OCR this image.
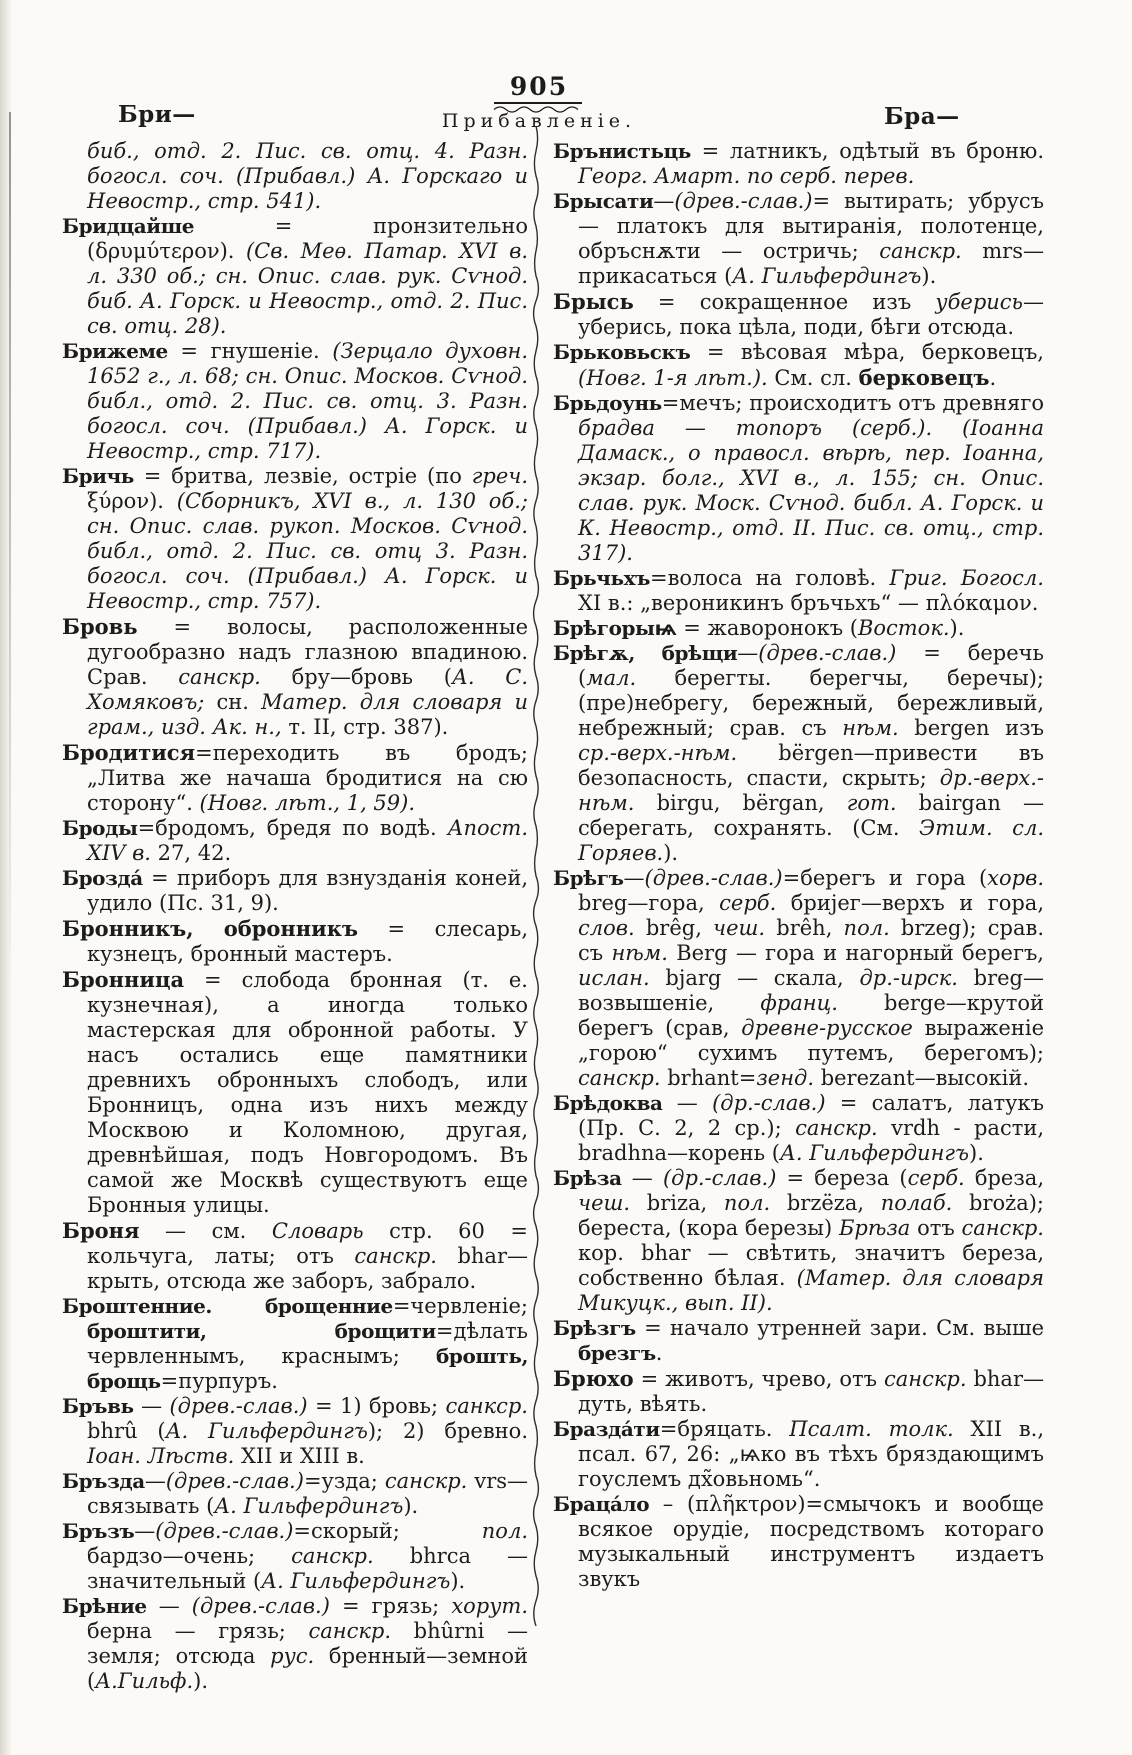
905
Прибавленіе.
Бри—	Бра—

биб., отд. 2. Пис. св. отц. 4. Разн. богосл. соч. (Прибавл.) А. Горскаго и Невостр., стр. 541).

Бридцайше = пронзительно (δρυμύτερον). (Св. Меѳ. Патар. XVI в. л. 330 об.; сн. Опис. слав. рук. Сѵнод. биб. А. Горск. и Невостр., отд. 2. Пис. св. отц. 28).

Брижеме = гнушеніе. (Зерцало духовн. 1652 г., л. 68; сн. Опис. Москов. Сѵнод. библ., отд. 2. Пис. св. отц. 3. Разн. богосл. соч. (Прибавл.) А. Горск. и Невостр., стр. 717).

Бричь = бритва, лезвіе, остріе (по греч. ξύρον). (Сборникъ, XVI в., л. 130 об.; сн. Опис. слав. рукоп. Москов. Сѵнод. библ., отд. 2. Пис. св. отц 3. Разн. богосл. соч. (Прибавл.) А. Горск. и Невостр., стр. 757).

Бровь = волосы, расположенные дугообразно надъ глазною впадиною. Срав. санскр. бру—бровь (А. С. Хомяковъ; сн. Матер. для словаря и грам., изд. Ак. н., т. II, стр. 387).

Бродитися=переходить въ бродъ; „Литва же начаша бродитися на сю сторону“. (Новг. лѣт., 1, 59).

Броды=бродомъ, бредя по водѣ. Апост. XIV в. 27, 42.

Брозда́ = приборъ для взнузданія коней, удило (Пс. 31, 9).

Бронникъ, обронникъ = слесарь, кузнецъ, бронный мастеръ.

Бронница = слобода бронная (т. е. кузнечная), а иногда только мастерская для обронной работы. У насъ остались еще памятники древнихъ обронныхъ слободъ, или Бронницъ, одна изъ нихъ между Москвою и Коломною, другая, древнѣйшая, подъ Новгородомъ. Въ самой же Москвѣ существуютъ еще Бронныя улицы.

Броня — см. Словарь стр. 60 = кольчуга, латы; отъ санскр. bhar—крыть, отсюда же заборъ, забрало.

Броштенние. брощенние=червленіе; броштити, брощити=дѣлать червленнымъ, краснымъ; брошть, брощь=пурпуръ.

Бръвь — (древ.-слав.) = 1) бровь; санкср. bhrû (А. Гильфердингъ); 2) бревно. Іоан. Лѣств. XII и XIII в.

Бръзда—(древ.-слав.)=узда; санскр. vrs—связывать (А. Гильфердингъ).

Бръзъ—(древ.-слав.)=скорый; пол. бардзо—очень; санскр. bhrca — значительный (А. Гильфердингъ).

Брѣние — (древ.-слав.) = грязь; хорут. берна — грязь; санскр. bhûrni — земля; отсюда рус. бренный—земной (А.Гильф.).

Брънистьць = латникъ, одѣтый въ броню. Георг. Амарт. по серб. перев.

Брысати—(древ.-слав.)= вытирать; убрусъ — платокъ для вытиранія, полотенце, обръснѫти — остричь; санскр. mrs—прикасаться (А. Гильфердингъ).

Брысь = сокращенное изъ уберись—уберись, пока цѣла, поди, бѣги отсюда.

Брьковьскъ = вѣсовая мѣра, берковецъ, (Новг. 1-я лѣт.). См. сл. берковецъ.

Брьдоунь=мечъ; происходитъ отъ древняго брадва — топоръ (серб.). (Іоанна Дамаск., о правосл. вѣрѣ, пер. Іоанна, экзар. болг., XVI в., л. 155; сн. Опис. слав. рук. Моск. Сѵнод. библ. А. Горск. и К. Невостр., отд. II. Пис. св. отц., стр. 317).

Брьчьхъ=волоса на головѣ. Григ. Богосл. XI в.: „вероникинъ бръчьхъ“ — πλόκαμον.

Брѣгорыѩ = жаворонокъ (Восток.).

Брѣгѫ, брѣщи—(древ.-слав.) = беречь (мал. берегты. берегчы, беречы); (пре)небрегу, бережный, бережливый, небрежный; срав. съ нѣм. bergen изъ ср.-верх.-нѣм. bërgen—привести въ безопасность, спасти, скрыть; др.-верх.-нѣм. birgu, bërgan, гот. bairgan — сберегать, сохранять. (См. Этим. сл. Горяев.).

Брѣгъ—(древ.-слав.)=берегъ и гора (хорв. breg—гора, серб. бриjег—верхъ и гора, слов. brêg, чеш. brêh, пол. brzeg); срав. съ нѣм. Berg — гора и нагорный берегъ, ислан. bjarg — скала, др.-ирск. breg—возвышеніе, франц. berge—крутой берегъ (срав, древне-русское выраженіе „горою“ сухимъ путемъ, берегомъ); санскр. brhant=зенд. berezant—высокій.

Брѣдоква — (др.-слав.) = салатъ, латукъ (Пр. С. 2, 2 ср.); санскр. vrdh - расти, bradhna—корень (А. Гильфердингъ).

Брѣза — (др.-слав.) = береза (серб. бреза, чеш. briza, пол. brzëza, полаб. broża); береста, (кора березы) Брѣза отъ санскр. кор. bhar — свѣтить, значитъ береза, собственно бѣлая. (Матер. для словаря Микуцк., вып. II).

Брѣзгъ = начало утренней зари. См. выше брезгъ.

Брюхо = животъ, чрево, отъ санскр. bhar—дуть, вѣять.

Бразда́ти=бряцать. Псалт. толк. XII в., псал. 67, 26: „ѩко въ тѣхъ бряздающимъ гоуслемъ дх̃овьномь“.

Браца́ло – (πλῆκτρον)=смычокъ и вообще всякое орудіе, посредствомъ котораго музыкальный инструментъ издаетъ звукъ
